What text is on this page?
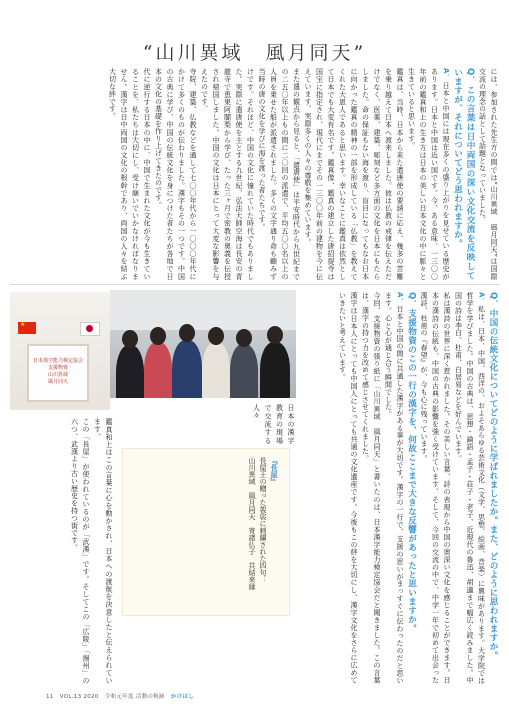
“山川異域　風月同天”
には、参加された先生方の間では“山川異域　風月同天”は国際交流の理念の話として話題となっていました。
Q．この言葉は日中両国の深い文化交流を反映していますが、それについてどう思われますか。
A．日本と中国には現在多くの盛り上がりを見せている歴史があります。日本と中国は近い国です。今、ある意味、一三〇〇年前の鑑真和上の生き方は日本の美しい日本文化の中に脈々と生きていると思います。
鑑真は、当時、日本から来た遣唐使の要請に応え、幾多の苦難を乗り越えて日本へ渡来しました。彼は仏教の戒律を伝えただけでなく、医薬、建築、彫刻など多方面の文化を日本にもたらしました。命の保証もない海を渡り、盲目になってもなお日本に向かった鑑真の精神の一部を形成している「仏教」を教えてくれた大恩人であると思います。幸いなことに鑑真は依然として日本でも大変有名です。鑑真像、鑑真の建立した唐招提寺は国宝に指定され、現代にまでその一三〇〇年前の建物を今に伝えています。実際多くの人々の尊敬を集めています。
また遣の観点から見ると、「遣唐使」は平安時代から九世紀までの二五〇年以上もの間に二〇回の派遣で、平均五〇〇名以上の人員を乗せた船が派遣されました。多くの文字通り命も顧みず当時の唐の文化を学びに海を渡った者たちです。
けです。それほど、中国の文化に憧れていた時代でもありました。実際に遣唐使を主とする九世紀、弘法大師空海は長安の青龍寺で恵果阿闍梨から学び、たった三ヶ月で密教の奥義を伝授され帰国しました。中国の文化は日本にとって大変な影響を与えたのです。
寺院、建築、仏教などを通して七〇〇年代から一〇〇〇年代にかけて多くのものが伝わりました。漢字もその一つです。中国の古典に学び、中国の伝統文化を身につけた者たちが各地で日本の文化の基礎を作り上げてきたのです。
代に逆行する日本の中に、中国で生まれた文化が今も生きていることを、私たちは大切にし、受け継いでいかなければなりません。漢字は日中両国の文化の根幹であり、両国の人々を結ぶ大切な絆です。
★
日本漢字能力検定協会
支援物資
山川異域
風月同天	Q．中国の伝統文化についてどのように学ばれましたか。また、どのように思われますか。
A．私は、日本、中国、西洋の、およそあらゆる芸術文化（文学、思想、絵画、音楽）に興味があります。大学院では哲学を学びました。中国の古典は、思想・論語・孟子・荘子・老子、近現代の魯迅、胡適まで幅広く読みました。中国の詩は李白、杜甫、白居易などを好んでいます。
私は漢詩の世界に深く惹かれました。その美しい言葉、詩の表現から中国の奥深い文化を感じることができます。日本の漢詩の伝統も、中国の古典の影響を強く受けています。そして、今回の交流の中で、中学一年で初めて出会った漢詩、杜甫の『春望』が、今も心に残っています。
Q．支援物資のこの一行の漢字を、何故ここまで大きな反響があったと思いますか。
A．日本と中国の間に共通した漢字がある事が大切です。漢字の一行で、支援の思いがまっすぐに伝わったのだと思います。心と心が通じ合う瞬間でした。
今回、支援物資の張り紙に「山川異域　風月同天」と書いたのは、日本漢字能力検定協会だと聞きました。この言葉は、漢字の持つ力を改めて感じさせてくれました。
漢字は日本人にとっても中国人にとっても共通の文化遺産です。今後もこの絆を大切にし、漢字文化をさらに広めていきたいと考えています。
鑑真和上はこの言葉に心を動かされ、日本への渡航を決意したと伝えられています。
この「長屋」が使われているのが「武漢」です。そしてこの「広陵」「揚州」の六つ、武漢より古い歴史を持つ街です。	『長屋』
長屋王の贈った袈裟に刺繍された四句：
山川異域　風月同天　寄諸仏子　共結来縁
日本の漢字教育の現場で交流する人々
11 VOL.13 2020 令和元年度 活動の軌跡 かけはし
